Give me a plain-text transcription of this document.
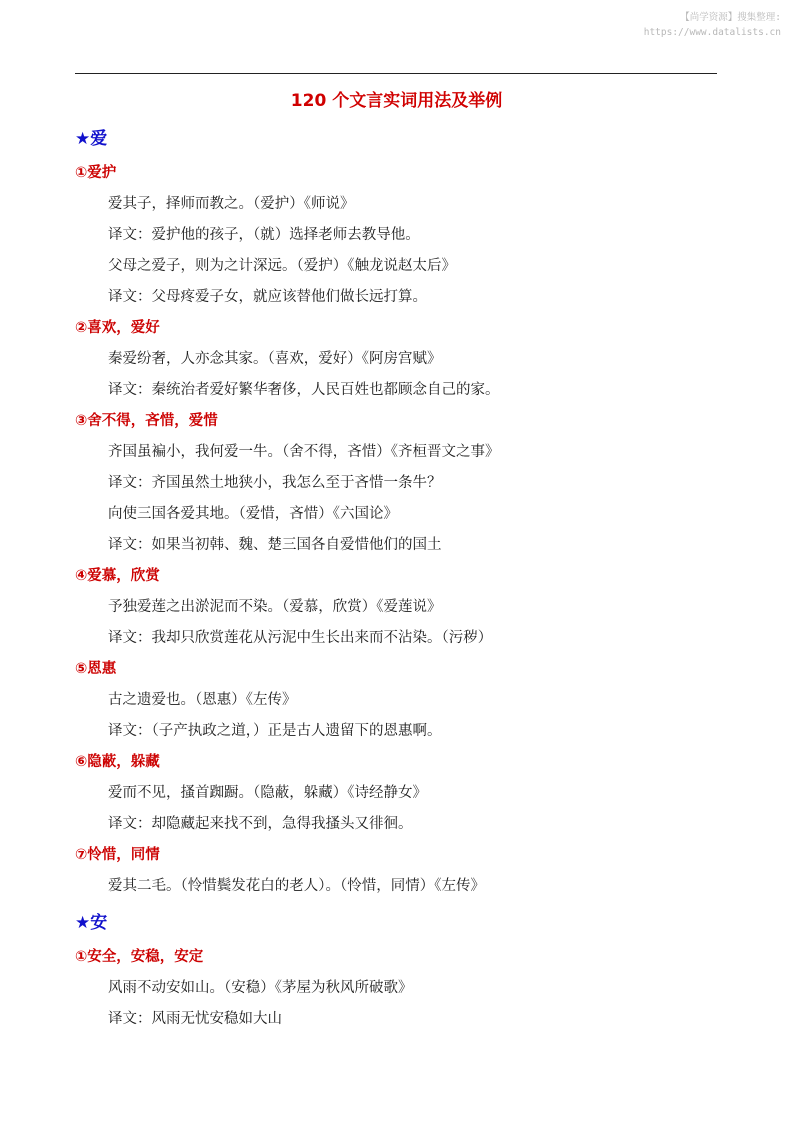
【尚学资源】搜集整理:
https://www.datalists.cn
120 个文言实词用法及举例
★爱
①爱护
爱其子，择师而教之。（爱护）《师说》
译文：爱护他的孩子，（就）选择老师去教导他。
父母之爱子，则为之计深远。（爱护）《触龙说赵太后》
译文：父母疼爱子女，就应该替他们做长远打算。
②喜欢，爱好
秦爱纷奢，人亦念其家。（喜欢，爱好）《阿房宫赋》
译文：秦统治者爱好繁华奢侈，人民百姓也都顾念自己的家。
③舍不得，吝惜，爱惜
齐国虽褊小，我何爱一牛。（舍不得，吝惜）《齐桓晋文之事》
译文：齐国虽然土地狭小，我怎么至于吝惜一条牛？
向使三国各爱其地。（爱惜，吝惜）《六国论》
译文：如果当初韩、魏、楚三国各自爱惜他们的国土
④爱慕，欣赏
予独爱莲之出淤泥而不染。（爱慕，欣赏）《爱莲说》
译文：我却只欣赏莲花从污泥中生长出来而不沾染。（污秽）
⑤恩惠
古之遗爱也。（恩惠）《左传》
译文：（子产执政之道，）正是古人遗留下的恩惠啊。
⑥隐蔽，躲藏
爱而不见，搔首踟蹰。（隐蔽，躲藏）《诗经静女》
译文：却隐藏起来找不到，急得我搔头又徘徊。
⑦怜惜，同情
爱其二毛。（怜惜鬓发花白的老人）。（怜惜，同情）《左传》
★安
①安全，安稳，安定
风雨不动安如山。（安稳）《茅屋为秋风所破歌》
译文：风雨无忧安稳如大山
